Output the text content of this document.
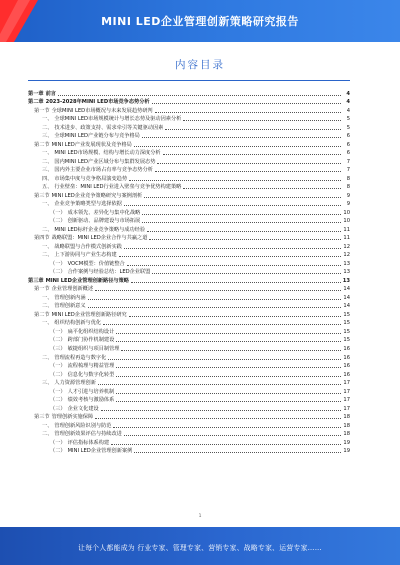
MINI LED企业管理创新策略研究报告
内容目录
第一章 前言	4
第二章 2023-2028年MINI LED市场竞争态势分析	4
第一节 全球MINI LED市场概况与未来发展趋势研判	4
一、 全球MINI LED市场规模统计与增长态势及驱动因素分析	5
二、 技术进步、政策支持、需求牵引等关键驱动因素	5
三、 全球MINI LED产业链分布与竞争格局	6
第二节 MINI LED产业发展现状及竞争格局	6
一、 MINI LED市场规模、结构与增长动力深度分析	6
二、 国内MINI LED产业区域分布与集群发展态势	7
三、 国内外主要企业市场占有率与竞争态势分析	7
四、 市场集中度与竞争格局演变趋势	8
五、 行业壁垒：MINI LED行业进入壁垒与竞争优势构建策略	8
第三节 MINI LED企业竞争策略研究与案例剖析	9
一、 企业竞争策略类型与选择依据	9
（一） 成本领先、差异化与集中化战略	10
（二） 创新驱动、品牌建设与市场拓展	10
二、 MINI LED标杆企业竞争策略与成功经验	11
第四节 战略联盟：MINI LED企业合作与共赢之道	11
一、 战略联盟与合作模式创新实践	12
二、 上下游协同与产业生态构建	12
（一） VOCM模型：价值链整合	13
（二） 合作案例与经验总结：LED企业联盟	13
第三章 MINI LED企业管理创新路径与策略	13
第一节 企业管理创新概述	14
一、 管理创新内涵	14
二、 管理创新意义	14
第二节 MINI LED企业管理创新路径研究	15
一、 组织结构创新与优化	15
（一） 扁平化组织结构设计	15
（二） 跨部门协作机制建设	15
（三） 敏捷组织与项目制管理	16
二、 管理流程再造与数字化	16
（一） 流程梳理与精益管理	16
（二） 信息化与数字化转型	16
三、 人力资源管理创新	17
（一） 人才引进与培养机制	17
（二） 绩效考核与激励体系	17
（三） 企业文化建设	17
第三节 管理创新实施保障	18
一、 管理创新风险识别与防范	18
二、 管理创新效果评估与持续改进	18
（一） 评估指标体系构建	19
（二） MINI LED企业管理创新案例	19
1
让每个人都能成为 行业专家、管理专家、营销专家、战略专家、运营专家……
